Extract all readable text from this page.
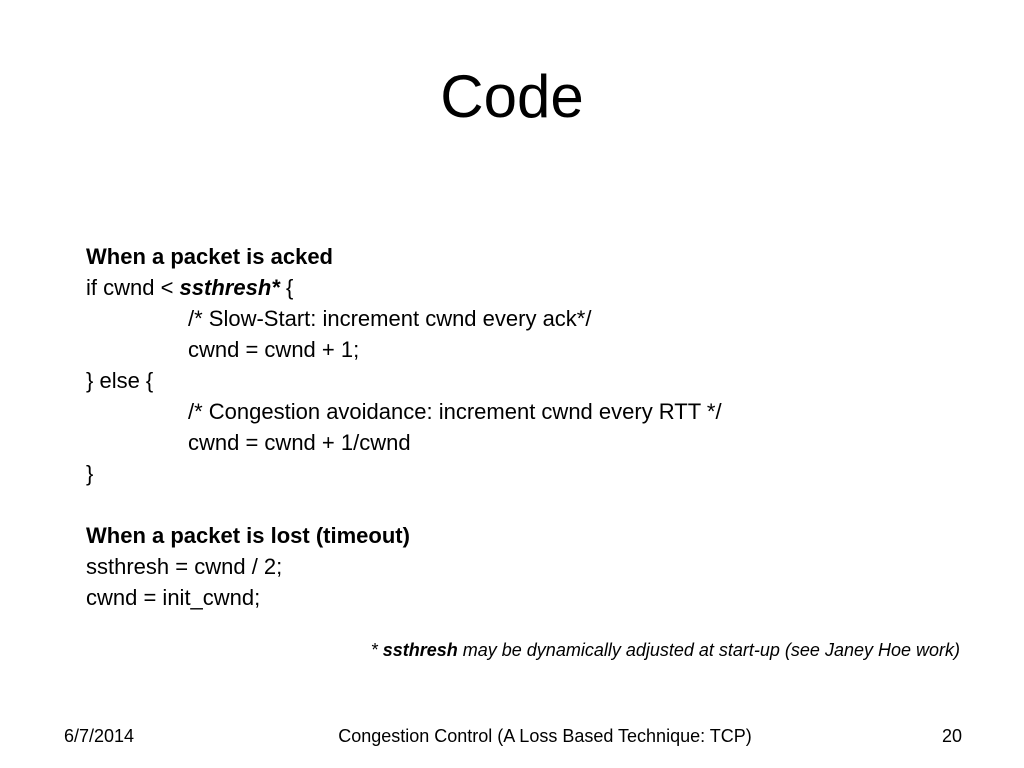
Code
When a packet is acked
if cwnd < ssthresh* {
/* Slow-Start: increment cwnd every ack*/
cwnd = cwnd + 1;
} else {
/* Congestion avoidance: increment cwnd every RTT */
cwnd = cwnd + 1/cwnd
}
When a packet is lost (timeout)
ssthresh = cwnd / 2;
cwnd = init_cwnd;
* ssthresh may be dynamically adjusted at start-up (see Janey Hoe work)
6/7/2014	Congestion Control (A Loss Based Technique: TCP)	20
